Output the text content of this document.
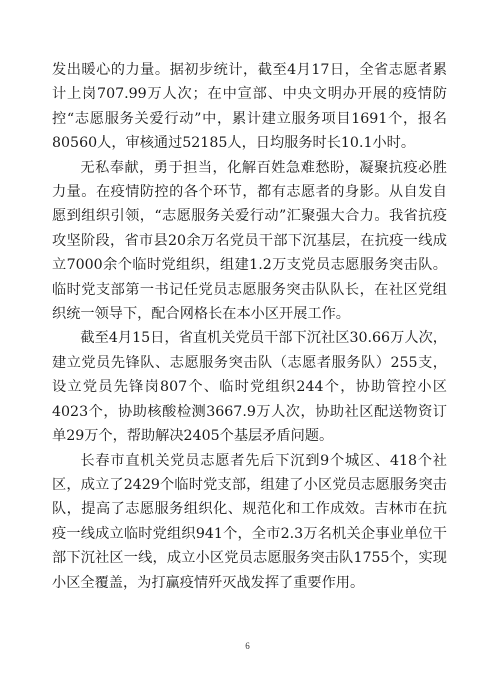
发出暖心的力量。据初步统计，截至4月17日，全省志愿者累计上岗707.99万人次；在中宣部、中央文明办开展的疫情防控“志愿服务关爱行动”中，累计建立服务项目1691个，报名80560人，审核通过52185人，日均服务时长10.1小时。

无私奉献，勇于担当，化解百姓急难愁盼，凝聚抗疫必胜力量。在疫情防控的各个环节，都有志愿者的身影。从自发自愿到组织引领，“志愿服务关爱行动”汇聚强大合力。我省抗疫攻坚阶段，省市县20余万名党员干部下沉基层，在抗疫一线成立7000余个临时党组织，组建1.2万支党员志愿服务突击队。临时党支部第一书记任党员志愿服务突击队队长，在社区党组织统一领导下，配合网格长在本小区开展工作。

截至4月15日，省直机关党员干部下沉社区30.66万人次，建立党员先锋队、志愿服务突击队（志愿者服务队）255支，设立党员先锋岗807个、临时党组织244个，协助管控小区4023个，协助核酸检测3667.9万人次，协助社区配送物资订单29万个，帮助解决2405个基层矛盾问题。

长春市直机关党员志愿者先后下沉到9个城区、418个社区，成立了2429个临时党支部，组建了小区党员志愿服务突击队，提高了志愿服务组织化、规范化和工作成效。吉林市在抗疫一线成立临时党组织941个，全市2.3万名机关企事业单位干部下沉社区一线，成立小区党员志愿服务突击队1755个，实现小区全覆盖，为打赢疫情歼灭战发挥了重要作用。

6
